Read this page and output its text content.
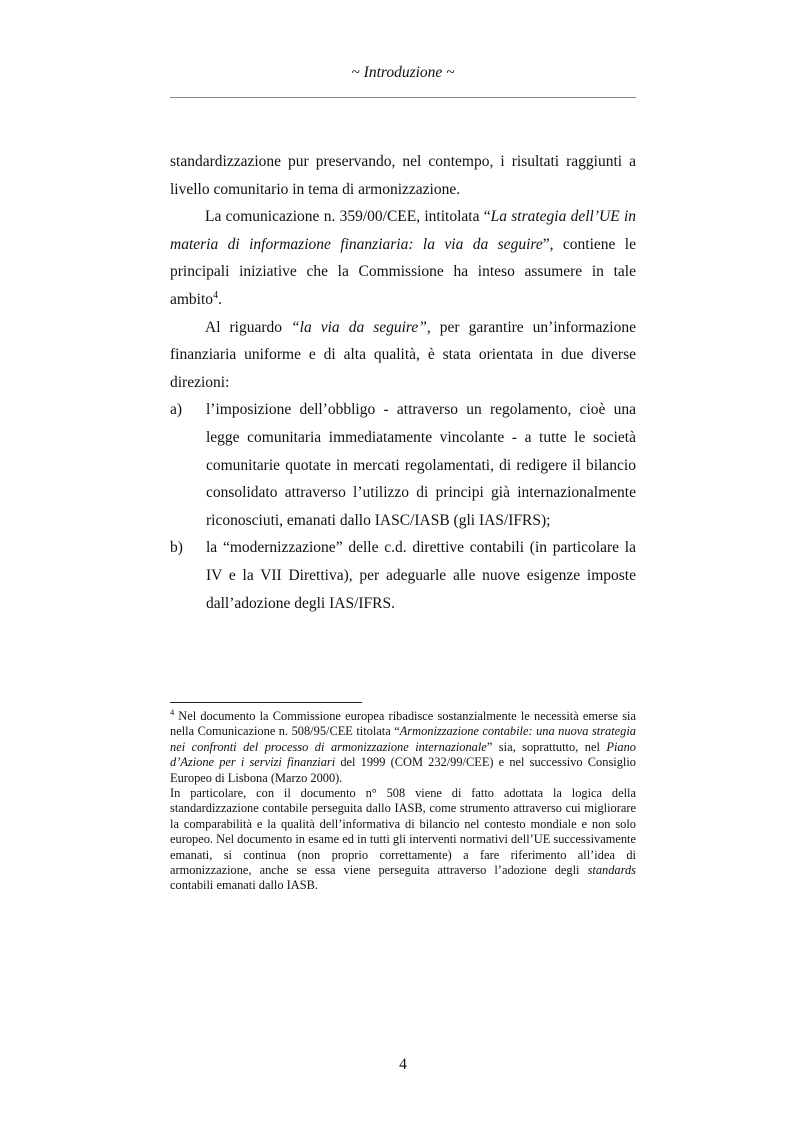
~ Introduzione ~

standardizzazione pur preservando, nel contempo, i risultati raggiunti a livello comunitario in tema di armonizzazione.

La comunicazione n. 359/00/CEE, intitolata “La strategia dell’UE in materia di informazione finanziaria: la via da seguire”, contiene le principali iniziative che la Commissione ha inteso assumere in tale ambito$^4$.

Al riguardo “la via da seguire”, per garantire un’informazione finanziaria uniforme e di alta qualità, è stata orientata in due diverse direzioni:

a) l’imposizione dell’obbligo - attraverso un regolamento, cioè una legge comunitaria immediatamente vincolante - a tutte le società comunitarie quotate in mercati regolamentati, di redigere il bilancio consolidato attraverso l’utilizzo di principi già internazionalmente riconosciuti, emanati dallo IASC/IASB (gli IAS/IFRS);
b) la “modernizzazione” delle c.d. direttive contabili (in particolare la IV e la VII Direttiva), per adeguarle alle nuove esigenze imposte dall’adozione degli IAS/IFRS.

$^4$ Nel documento la Commissione europea ribadisce sostanzialmente le necessità emerse sia nella Comunicazione n. 508/95/CEE titolata “Armonizzazione contabile: una nuova strategia nei confronti del processo di armonizzazione internazionale” sia, soprattutto, nel Piano d’Azione per i servizi finanziari del 1999 (COM 232/99/CEE) e nel successivo Consiglio Europeo di Lisbona (Marzo 2000).

In particolare, con il documento n° 508 viene di fatto adottata la logica della standardizzazione contabile perseguita dallo IASB, come strumento attraverso cui migliorare la comparabilità e la qualità dell’informativa di bilancio nel contesto mondiale e non solo europeo. Nel documento in esame ed in tutti gli interventi normativi dell’UE successivamente emanati, si continua (non proprio correttamente) a fare riferimento all’idea di armonizzazione, anche se essa viene perseguita attraverso l’adozione degli standards contabili emanati dallo IASB.

4
